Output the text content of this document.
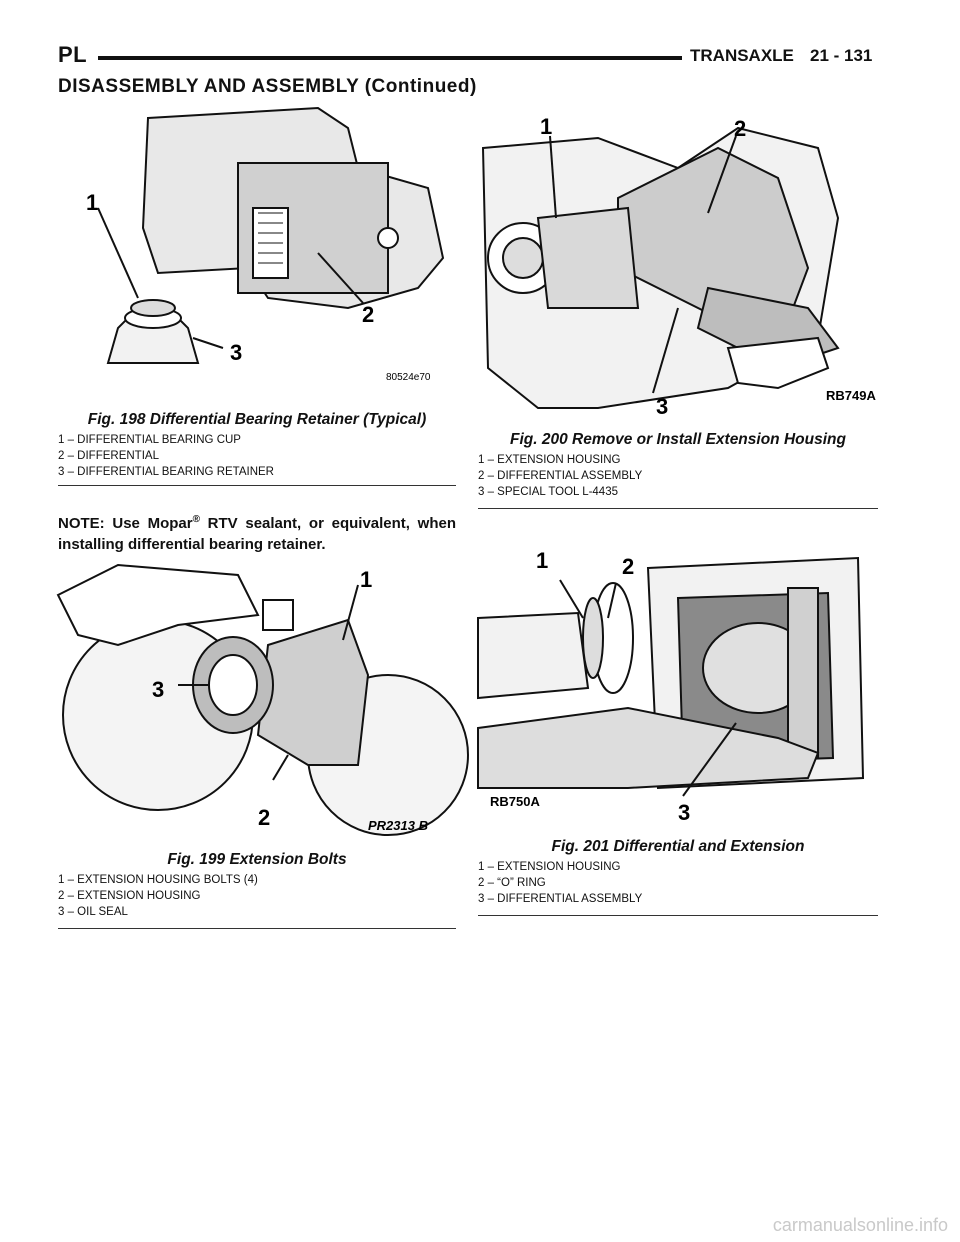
PL	TRANSAXLE 21 - 131
DISASSEMBLY AND ASSEMBLY (Continued)
1
2
3
80524e70
Fig. 198 Differential Bearing Retainer (Typical)
1 – DIFFERENTIAL BEARING CUP
2 – DIFFERENTIAL
3 – DIFFERENTIAL BEARING RETAINER
NOTE: Use Mopar® RTV sealant, or equivalent, when installing differential bearing retainer.
1
2
3
PR2313 B
Fig. 199 Extension Bolts
1 – EXTENSION HOUSING BOLTS (4)
2 – EXTENSION HOUSING
3 – OIL SEAL
1	2
3	RB749A
Fig. 200 Remove or Install Extension Housing
1 – EXTENSION HOUSING
2 – DIFFERENTIAL ASSEMBLY
3 – SPECIAL TOOL L-4435
1	2
3
RB750A
Fig. 201 Differential and Extension
1 – EXTENSION HOUSING
2 – “O” RING
3 – DIFFERENTIAL ASSEMBLY
carmanualsonline.info
